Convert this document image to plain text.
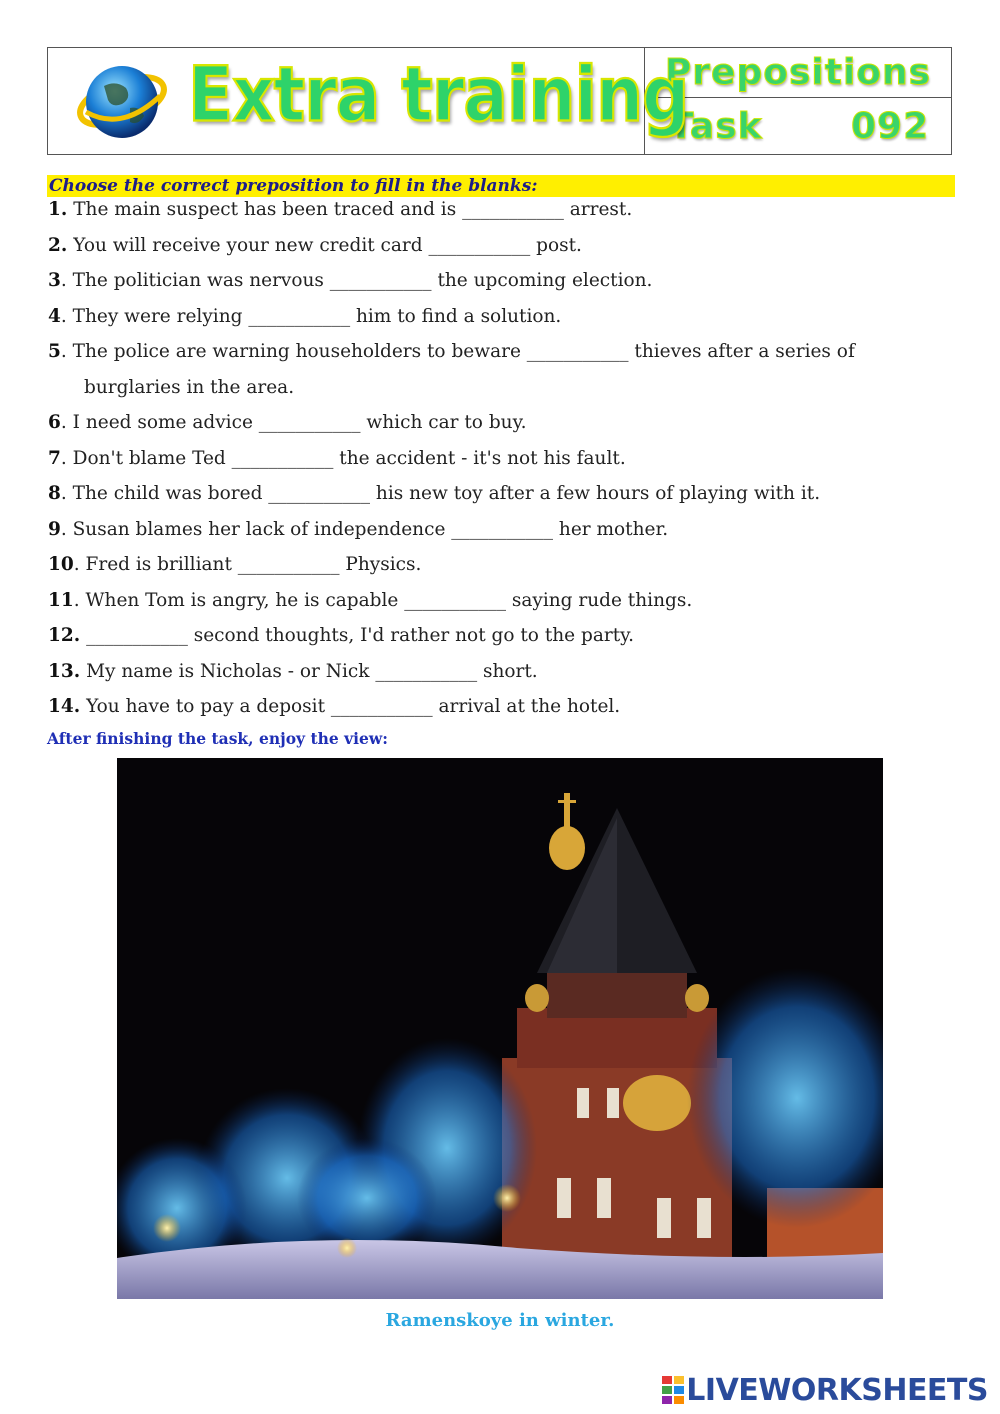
Extra training
Prepositions
Task	092
Choose the correct preposition to fill in the blanks:
1. The main suspect has been traced and is ___________ arrest.
2. You will receive your new credit card ___________ post.
3. The politician was nervous ___________ the upcoming election.
4. They were relying ___________ him to find a solution.
5. The police are warning householders to beware ___________ thieves after a series of
burglaries in the area.
6. I need some advice ___________ which car to buy.
7. Don't blame Ted ___________ the accident - it's not his fault.
8. The child was bored ___________ his new toy after a few hours of playing with it.
9. Susan blames her lack of independence ___________ her mother.
10. Fred is brilliant ___________ Physics.
11. When Tom is angry, he is capable ___________ saying rude things.
12. ___________ second thoughts, I'd rather not go to the party.
13. My name is Nicholas - or Nick ___________ short.
14. You have to pay a deposit ___________ arrival at the hotel.
After finishing the task, enjoy the view:
Ramenskoye in winter.
LIVEWORKSHEETS
